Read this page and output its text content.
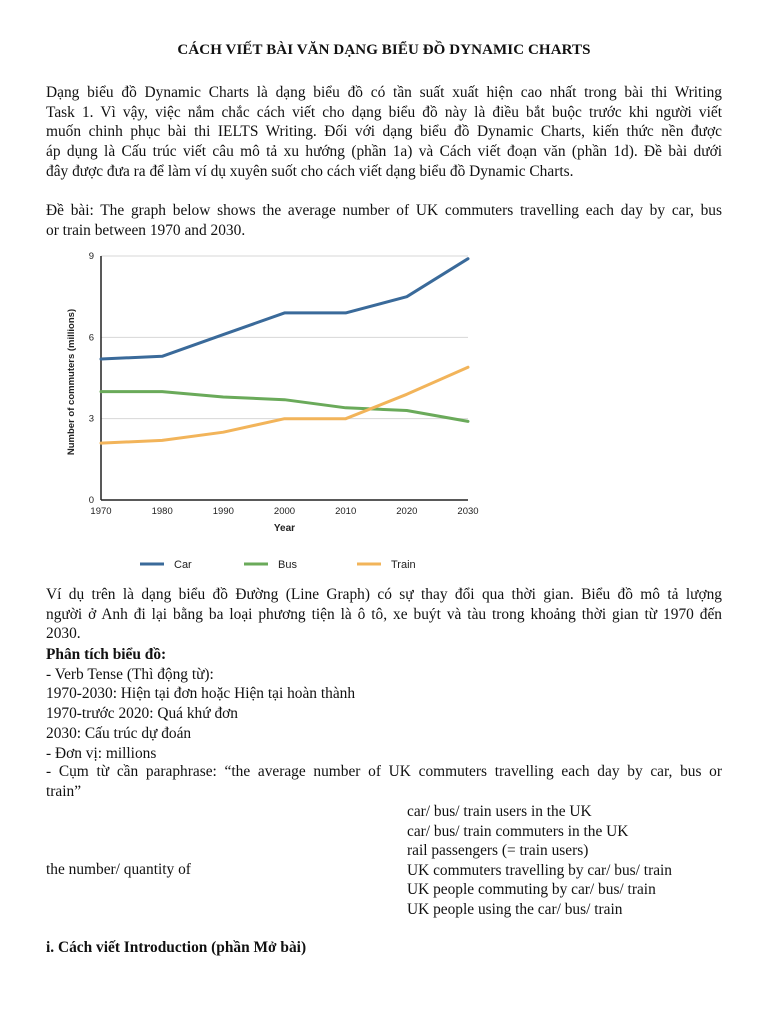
CÁCH VIẾT BÀI VĂN DẠNG BIỂU ĐỒ DYNAMIC CHARTS
Dạng biểu đồ Dynamic Charts là dạng biểu đồ có tần suất xuất hiện cao nhất trong bài thi Writing
Task 1. Vì vậy, việc nắm chắc cách viết cho dạng biểu đồ này là điều bắt buộc trước khi người viết
muốn chinh phục bài thi IELTS Writing. Đối với dạng biểu đồ Dynamic Charts, kiến thức nền được
áp dụng là Cấu trúc viết câu mô tả xu hướng (phần 1a) và Cách viết đoạn văn (phần 1d). Đề bài dưới
đây được đưa ra để làm ví dụ xuyên suốt cho cách viết dạng biểu đồ Dynamic Charts.
Đề bài: The graph below shows the average number of UK commuters travelling each day by car, bus
or train between 1970 and 2030.
Ví dụ trên là dạng biểu đồ Đường (Line Graph) có sự thay đổi qua thời gian. Biểu đồ mô tả lượng
người ở Anh đi lại bằng ba loại phương tiện là ô tô, xe buýt và tàu trong khoảng thời gian từ 1970 đến
2030.
Phân tích biểu đồ:
- Verb Tense (Thì động từ):
1970-2030: Hiện tại đơn hoặc Hiện tại hoàn thành
1970-trước 2020: Quá khứ đơn
2030: Cấu trúc dự đoán
- Đơn vị: millions
- Cụm từ cần paraphrase: “the average number of UK commuters travelling each day by car, bus or
train”
the number/ quantity of
car/ bus/ train users in the UK
car/ bus/ train commuters in the UK
rail passengers (= train users)
UK commuters travelling by car/ bus/ train
UK people commuting by car/ bus/ train
UK people using the car/ bus/ train
i. Cách viết Introduction (phần Mở bài)
0
3
6
9
1970	1980	1990	2000	2010	2020	2030
Year
Number of commuters (millions)
Car	Bus	Train
